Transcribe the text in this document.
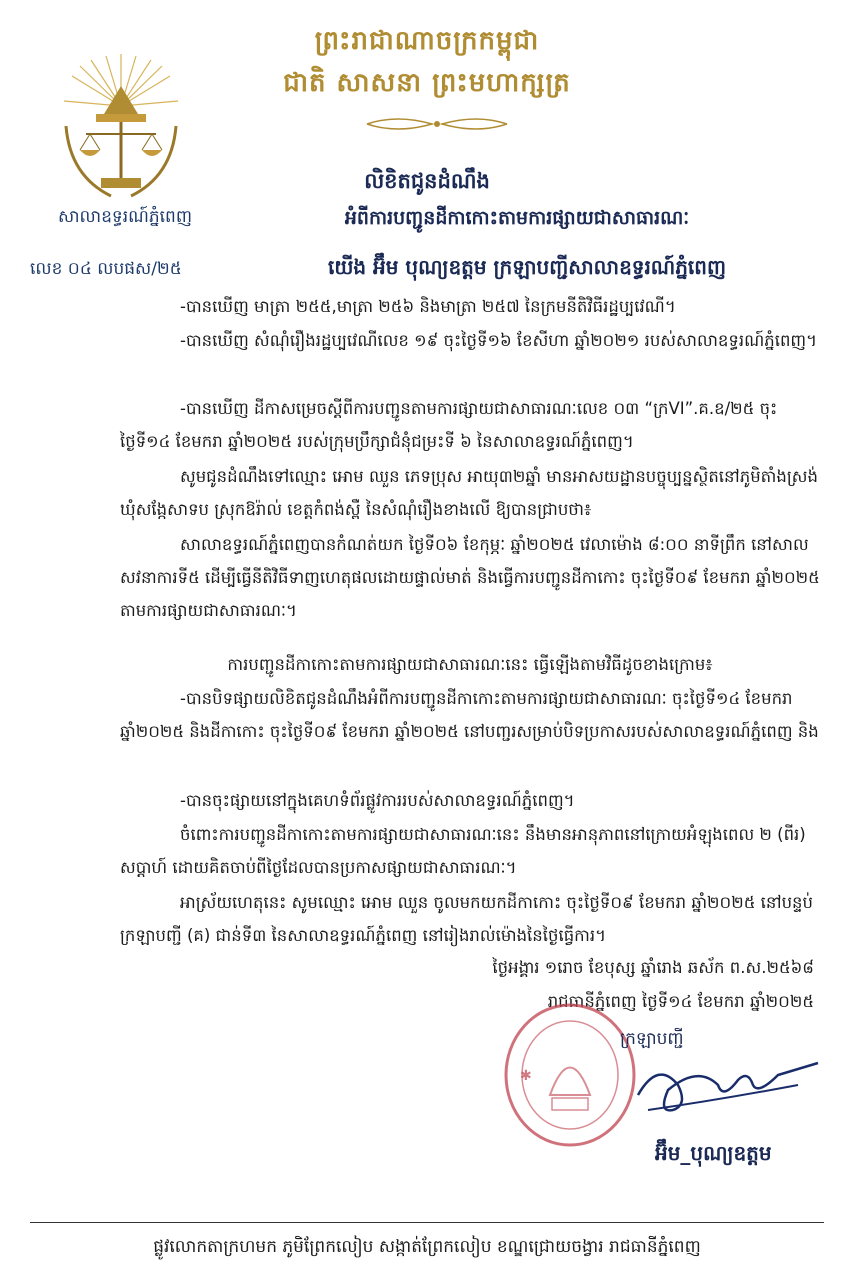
ព្រះរាជាណាចក្រកម្ពុជា
ជាតិ សាសនា ព្រះមហាក្សត្រ
សាលាឧទ្ធរណ៍ភ្នំពេញ
លេខ ០៤ លបផស/២៥
លិខិតជូនដំណឹង
អំពីការបញ្ជូនដីកាកោះតាមការផ្សាយជាសាធារណៈ
យើង អ៊ឹម បុណ្យឧត្តម ក្រឡាបញ្ជីសាលាឧទ្ធរណ៍ភ្នំពេញ
-បានឃើញ មាត្រា ២៥៥,មាត្រា ២៥៦ និងមាត្រា ២៥៧ នៃក្រមនីតិវិធីរដ្ឋប្បវេណី។
-បានឃើញ សំណុំរឿងរដ្ឋប្បវេណីលេខ ១៩ ចុះថ្ងៃទី១៦ ខែសីហា ឆ្នាំ២០២១ របស់សាលាឧទ្ធរណ៍ភ្នំពេញ។
-បានឃើញ ដីកាសម្រេចស្តីពីការបញ្ជូនតាមការផ្សាយជាសាធារណៈលេខ ០៣ “ក្រVI”.គ.ឧ/២៥ ចុះថ្ងៃទី១៤ ខែមករា ឆ្នាំ២០២៥ របស់ក្រុមប្រឹក្សាជំនុំជម្រះទី ៦ នៃសាលាឧទ្ធរណ៍ភ្នំពេញ។
សូមជូនដំណឹងទៅឈ្មោះ អោម ឈួន ភេទប្រុស អាយុ៣២ឆ្នាំ មានអាសយដ្ឋានបច្ចុប្បន្នស្ថិតនៅភូមិតាំងស្រង់ ឃុំសង្កែសាទប ស្រុកឱរ៉ាល់ ខេត្តកំពង់ស្ពឺ នៃសំណុំរឿងខាងលើ ឱ្យបានជ្រាបថា៖
សាលាឧទ្ធរណ៍ភ្នំពេញបានកំណត់យក ថ្ងៃទី០៦ ខែកុម្ភៈ ឆ្នាំ២០២៥ វេលាម៉ោង ៨:០០ នាទីព្រឹក នៅសាលសវនាការទី៥ ដើម្បីធ្វើនីតិវិធីទាញហេតុផលដោយផ្ទាល់មាត់ និងធ្វើការបញ្ជូនដីកាកោះ ចុះថ្ងៃទី០៩ ខែមករា ឆ្នាំ២០២៥ តាមការផ្សាយជាសាធារណៈ។
ការបញ្ជូនដីកាកោះតាមការផ្សាយជាសាធារណៈនេះ ធ្វើឡើងតាមវិធីដូចខាងក្រោម៖
-បានបិទផ្សាយលិខិតជូនដំណឹងអំពីការបញ្ជូនដីកាកោះតាមការផ្សាយជាសាធារណៈ ចុះថ្ងៃទី១៤ ខែមករា ឆ្នាំ២០២៥ និងដីកាកោះ ចុះថ្ងៃទី០៩ ខែមករា ឆ្នាំ២០២៥ នៅបញ្ជរសម្រាប់បិទប្រកាសរបស់សាលាឧទ្ធរណ៍ភ្នំពេញ និង
-បានចុះផ្សាយនៅក្នុងគេហទំព័រផ្លូវការរបស់សាលាឧទ្ធរណ៍ភ្នំពេញ។
ចំពោះការបញ្ជូនដីកាកោះតាមការផ្សាយជាសាធារណៈនេះ នឹងមានអានុភាពនៅក្រោយអំឡុងពេល ២ (ពីរ) សប្តាហ៍ ដោយគិតចាប់ពីថ្ងៃដែលបានប្រកាសផ្សាយជាសាធារណៈ។
អាស្រ័យហេតុនេះ សូមឈ្មោះ អោម ឈួន ចូលមកយកដីកាកោះ ចុះថ្ងៃទី០៩ ខែមករា ឆ្នាំ២០២៥ នៅបន្ទប់ក្រឡាបញ្ជី (គ) ជាន់ទី៣ នៃសាលាឧទ្ធរណ៍ភ្នំពេញ នៅរៀងរាល់ម៉ោងនៃថ្ងៃធ្វើការ។
ថ្ងៃអង្គារ ១រោច ខែបុស្ស ឆ្នាំរោង ឆស័ក ព.ស.២៥៦៨
រាជធានីភ្នំពេញ ថ្ងៃទី១៤ ខែមករា ឆ្នាំ២០២៥
✱
ក្រឡាបញ្ជី
អ៊ឹម_បុណ្យឧត្តម
ផ្លូវលោកតាក្រហមក ភូមិព្រែកលៀប សង្កាត់ព្រែកលៀប ខណ្ឌជ្រោយចង្វារ រាជធានីភ្នំពេញ
